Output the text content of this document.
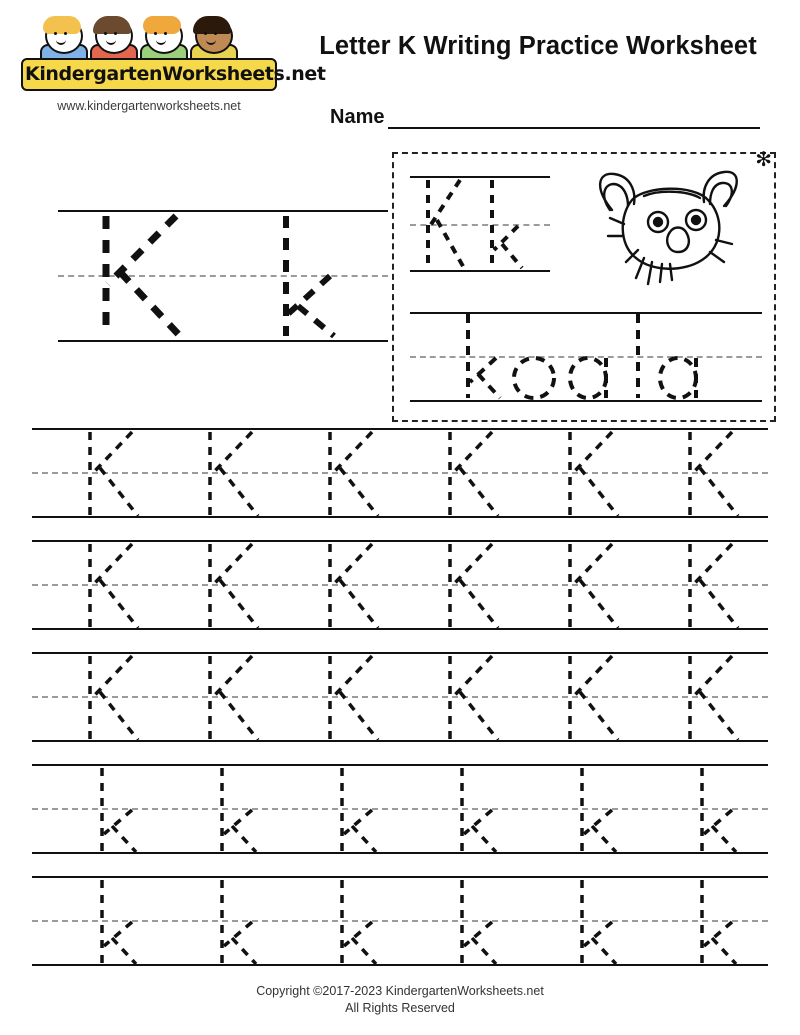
KindergartenWorksheets.net
www.kindergartenworksheets.net
Letter K Writing Practice Worksheet
Name
✻
Copyright ©2017-2023 KindergartenWorksheets.net
All Rights Reserved
